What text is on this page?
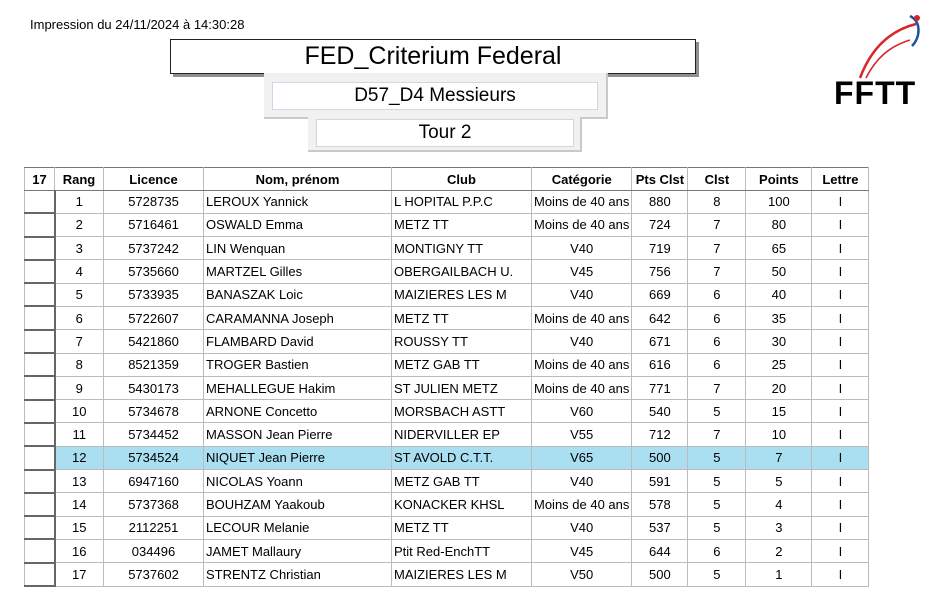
Impression du 24/11/2024 à 14:30:28
FED_Criterium Federal
D57_D4 Messieurs
Tour 2
FFTT
17	Rang	Licence	Nom, prénom	Club	Catégorie	Pts Clst	Clst	Points	Lettre
	1	5728735	LEROUX Yannick	L HOPITAL P.P.C	Moins de 40 ans	880	8	100	I
	2	5716461	OSWALD Emma	METZ TT	Moins de 40 ans	724	7	80	I
	3	5737242	LIN Wenquan	MONTIGNY TT	V40	719	7	65	I
	4	5735660	MARTZEL Gilles	OBERGAILBACH U.	V45	756	7	50	I
	5	5733935	BANASZAK Loic	MAIZIERES LES M	V40	669	6	40	I
	6	5722607	CARAMANNA Joseph	METZ TT	Moins de 40 ans	642	6	35	I
	7	5421860	FLAMBARD David	ROUSSY TT	V40	671	6	30	I
	8	8521359	TROGER Bastien	METZ GAB TT	Moins de 40 ans	616	6	25	I
	9	5430173	MEHALLEGUE Hakim	ST JULIEN METZ	Moins de 40 ans	771	7	20	I
	10	5734678	ARNONE Concetto	MORSBACH ASTT	V60	540	5	15	I
	11	5734452	MASSON Jean Pierre	NIDERVILLER EP	V55	712	7	10	I
	12	5734524	NIQUET Jean Pierre	ST AVOLD C.T.T.	V65	500	5	7	I
	13	6947160	NICOLAS Yoann	METZ GAB TT	V40	591	5	5	I
	14	5737368	BOUHZAM Yaakoub	KONACKER KHSL	Moins de 40 ans	578	5	4	I
	15	2112251	LECOUR Melanie	METZ TT	V40	537	5	3	I
	16	034496	JAMET Mallaury	Ptit Red-EnchTT	V45	644	6	2	I
	17	5737602	STRENTZ Christian	MAIZIERES LES M	V50	500	5	1	I
